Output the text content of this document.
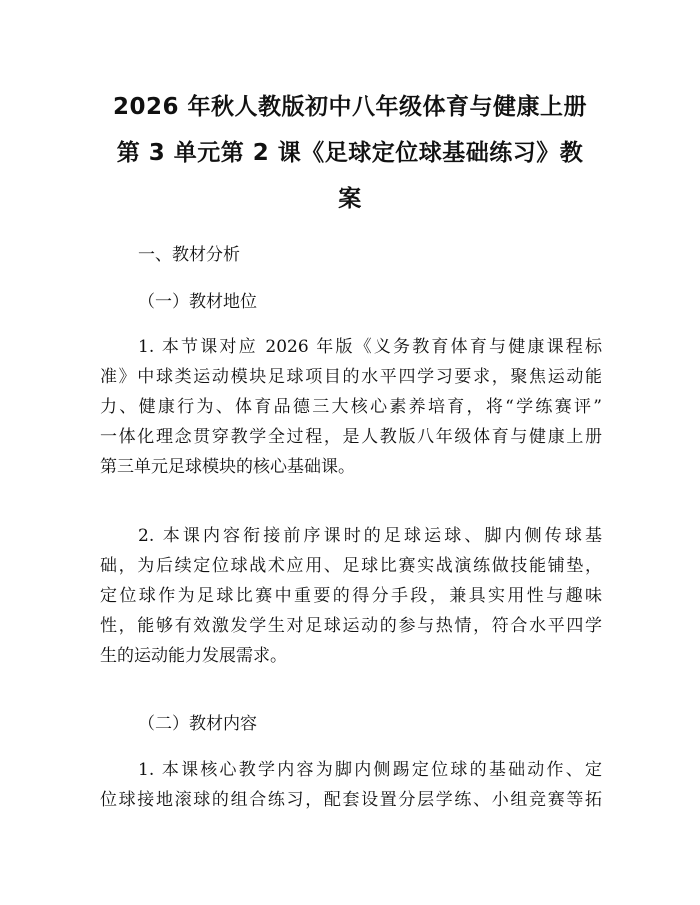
2026 年秋人教版初中八年级体育与健康上册
第 3 单元第 2 课《足球定位球基础练习》教
案

一、教材分析

（一）教材地位

1. 本节课对应 2026 年版《义务教育体育与健康课程标
准》中球类运动模块足球项目的水平四学习要求，聚焦运动能
力、健康行为、体育品德三大核心素养培育，将“学练赛评”
一体化理念贯穿教学全过程，是人教版八年级体育与健康上册
第三单元足球模块的核心基础课。
2. 本课内容衔接前序课时的足球运球、脚内侧传球基
础，为后续定位球战术应用、足球比赛实战演练做技能铺垫，
定位球作为足球比赛中重要的得分手段，兼具实用性与趣味
性，能够有效激发学生对足球运动的参与热情，符合水平四学
生的运动能力发展需求。

（二）教材内容

1. 本课核心教学内容为脚内侧踢定位球的基础动作、定
位球接地滚球的组合练习，配套设置分层学练、小组竞赛等拓
